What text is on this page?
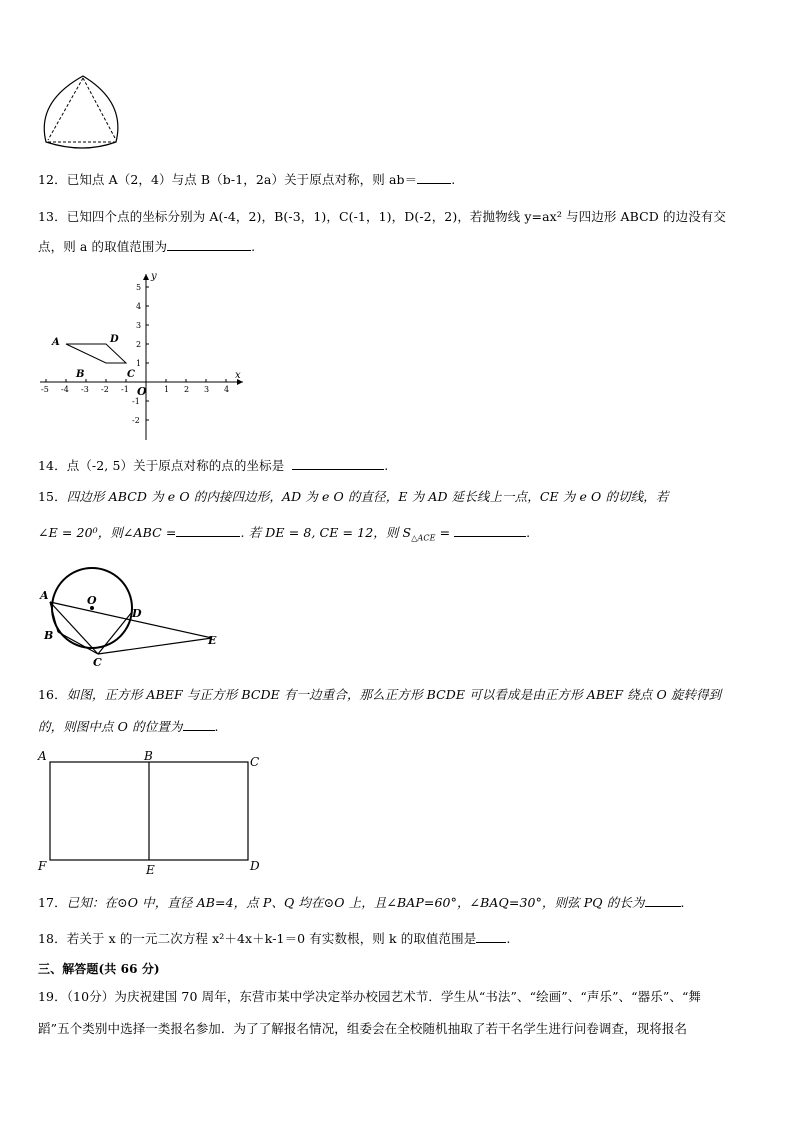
12．已知点 A（2，4）与点 B（b-1，2a）关于原点对称，则 ab＝	.
13．已知四个点的坐标分别为 A(-4，2)，B(-3，1)，C(-1，1)，D(-2，2)，若抛物线 y=ax² 与四边形 ABCD 的边没有交
点，则 a 的取值范围为	.
x
y
O
-5 -4 -3 -2 -1	1 2 3 4
5
4
3
2
1
-1
-2
A
B	C
D
14．点（-2, 5）关于原点对称的点的坐标是	.
15．四边形 ABCD 为 e O 的内接四边形，AD 为 e O 的直径，E 为 AD 延长线上一点，CE 为 e O 的切线，若
∠E = 20⁰，则∠ABC =	. 若 DE = 8, CE = 12，则 $S_{\triangle ACE}$ =	.
A	O
D
B
C
E
16．如图，正方形 ABEF 与正方形 BCDE 有一边重合，那么正方形 BCDE 可以看成是由正方形 ABEF 绕点 O 旋转得到
的，则图中点 O 的位置为	.
A	B	C
F	E	D
17．已知：在⊙O 中，直径 AB=4，点 P、Q 均在⊙O 上，且∠BAP=60°，∠BAQ=30°，则弦 PQ 的长为	.
18．若关于 x 的一元二次方程 x²＋4x＋k-1＝0 有实数根，则 k 的取值范围是 .
三、解答题(共 66 分)
19．（10分）为庆祝建国 70 周年，东营市某中学决定举办校园艺术节．学生从“书法”、“绘画”、“声乐”、“器乐”、“舞
蹈”五个类别中选择一类报名参加．为了了解报名情况，组委会在全校随机抽取了若干名学生进行问卷调查，现将报名
